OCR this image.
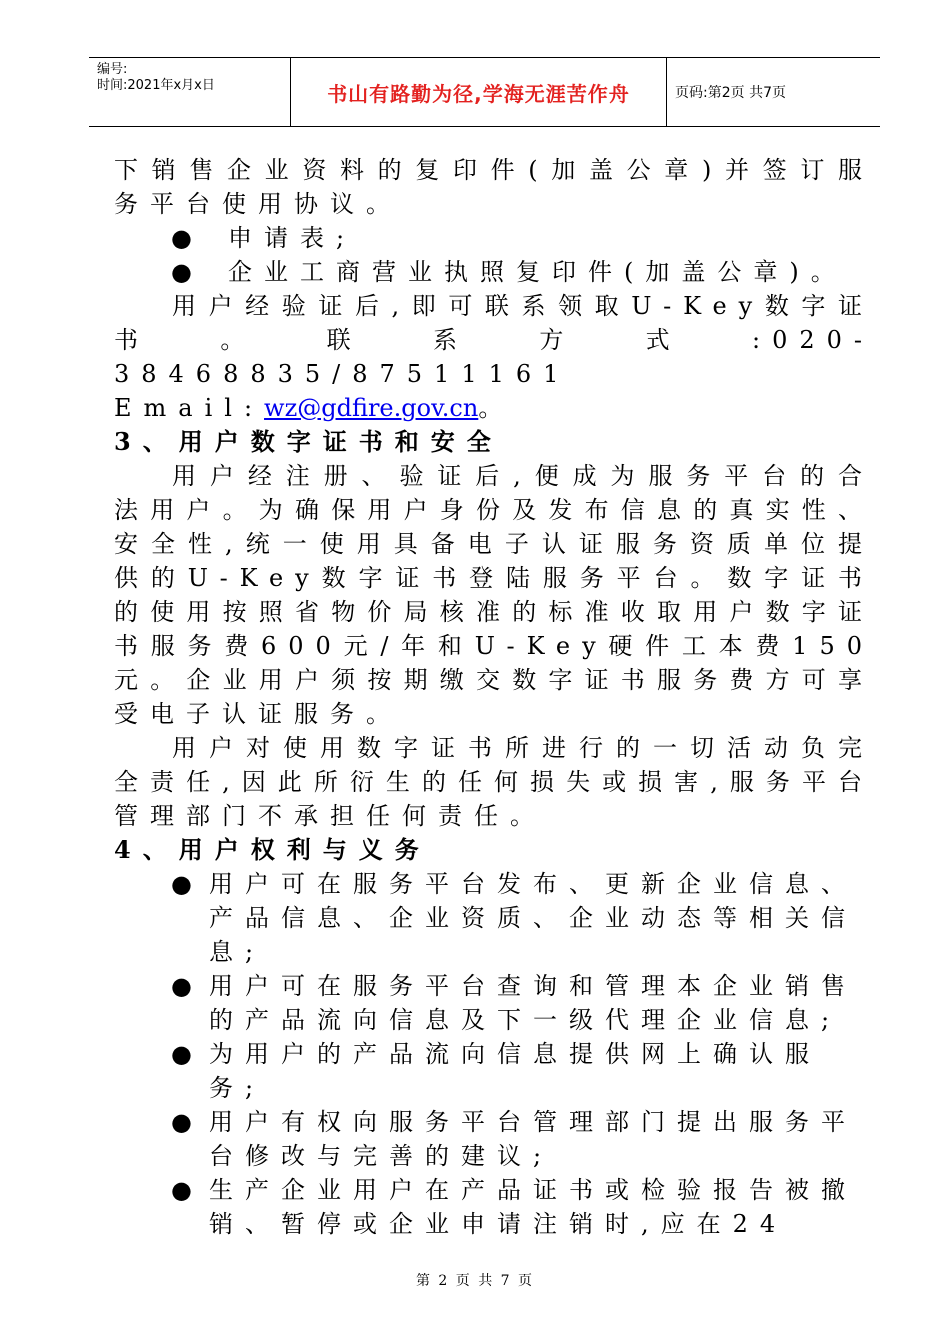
编号:
时间:2021年x月x日	书山有路勤为径,学海无涯苦作舟	页码:第2页 共7页

下销售企业资料的复印件(加盖公章)并签订服务平台使用协议。

● 申请表;

● 企业工商营业执照复印件(加盖公章)。

用户经验证后,即可联系领取U-Key数字证书。联系方式:020-38468835/87511161 Email:wz@gdfire.gov.cn。

3、用户数字证书和安全

用户经注册、验证后,便成为服务平台的合法用户。为确保用户身份及发布信息的真实性、安全性,统一使用具备电子认证服务资质单位提供的U-Key数字证书登陆服务平台。数字证书的使用按照省物价局核准的标准收取用户数字证书服务费600元/年和U-Key硬件工本费150元。企业用户须按期缴交数字证书服务费方可享受电子认证服务。

用户对使用数字证书所进行的一切活动负完全责任,因此所衍生的任何损失或损害,服务平台管理部门不承担任何责任。

4、用户权利与义务

● 用户可在服务平台发布、更新企业信息、产品信息、企业资质、企业动态等相关信息;

● 用户可在服务平台查询和管理本企业销售的产品流向信息及下一级代理企业信息;

● 为用户的产品流向信息提供网上确认服务;

● 用户有权向服务平台管理部门提出服务平台修改与完善的建议;

● 生产企业用户在产品证书或检验报告被撤销、暂停或企业申请注销时,应在24

第 2 页 共 7 页
